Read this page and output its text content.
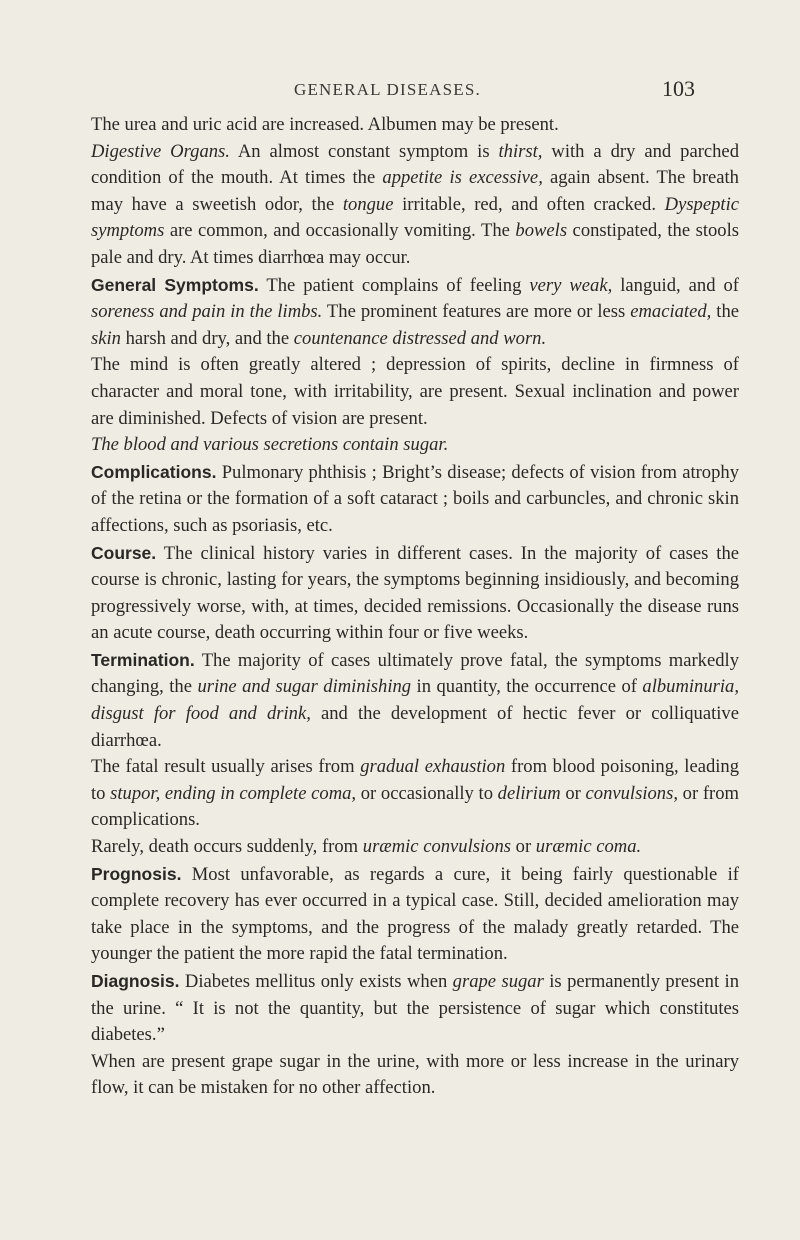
GENERAL DISEASES.	103

The urea and uric acid are increased. Albumen may be present.

Digestive Organs. An almost constant symptom is thirst, with a dry and parched condition of the mouth. At times the appetite is excessive, again absent. The breath may have a sweetish odor, the tongue irritable, red, and often cracked. Dyspeptic symptoms are common, and occasionally vomiting. The bowels constipated, the stools pale and dry. At times diarrhœa may occur.

General Symptoms. The patient complains of feeling very weak, languid, and of soreness and pain in the limbs. The prominent features are more or less emaciated, the skin harsh and dry, and the countenance distressed and worn.

The mind is often greatly altered ; depression of spirits, decline in firmness of character and moral tone, with irritability, are present. Sexual inclination and power are diminished. Defects of vision are present.

The blood and various secretions contain sugar.

Complications. Pulmonary phthisis ; Bright’s disease; defects of vision from atrophy of the retina or the formation of a soft cataract ; boils and carbuncles, and chronic skin affections, such as psoriasis, etc.

Course. The clinical history varies in different cases. In the majority of cases the course is chronic, lasting for years, the symptoms beginning insidiously, and becoming progressively worse, with, at times, decided remissions. Occasionally the disease runs an acute course, death occurring within four or five weeks.

Termination. The majority of cases ultimately prove fatal, the symptoms markedly changing, the urine and sugar diminishing in quantity, the occurrence of albuminuria, disgust for food and drink, and the development of hectic fever or colliquative diarrhœa.

The fatal result usually arises from gradual exhaustion from blood poisoning, leading to stupor, ending in complete coma, or occasionally to delirium or convulsions, or from complications.

Rarely, death occurs suddenly, from uræmic convulsions or uræmic coma.

Prognosis. Most unfavorable, as regards a cure, it being fairly questionable if complete recovery has ever occurred in a typical case. Still, decided amelioration may take place in the symptoms, and the progress of the malady greatly retarded. The younger the patient the more rapid the fatal termination.

Diagnosis. Diabetes mellitus only exists when grape sugar is permanently present in the urine. “ It is not the quantity, but the persistence of sugar which constitutes diabetes.”

When are present grape sugar in the urine, with more or less increase in the urinary flow, it can be mistaken for no other affection.
